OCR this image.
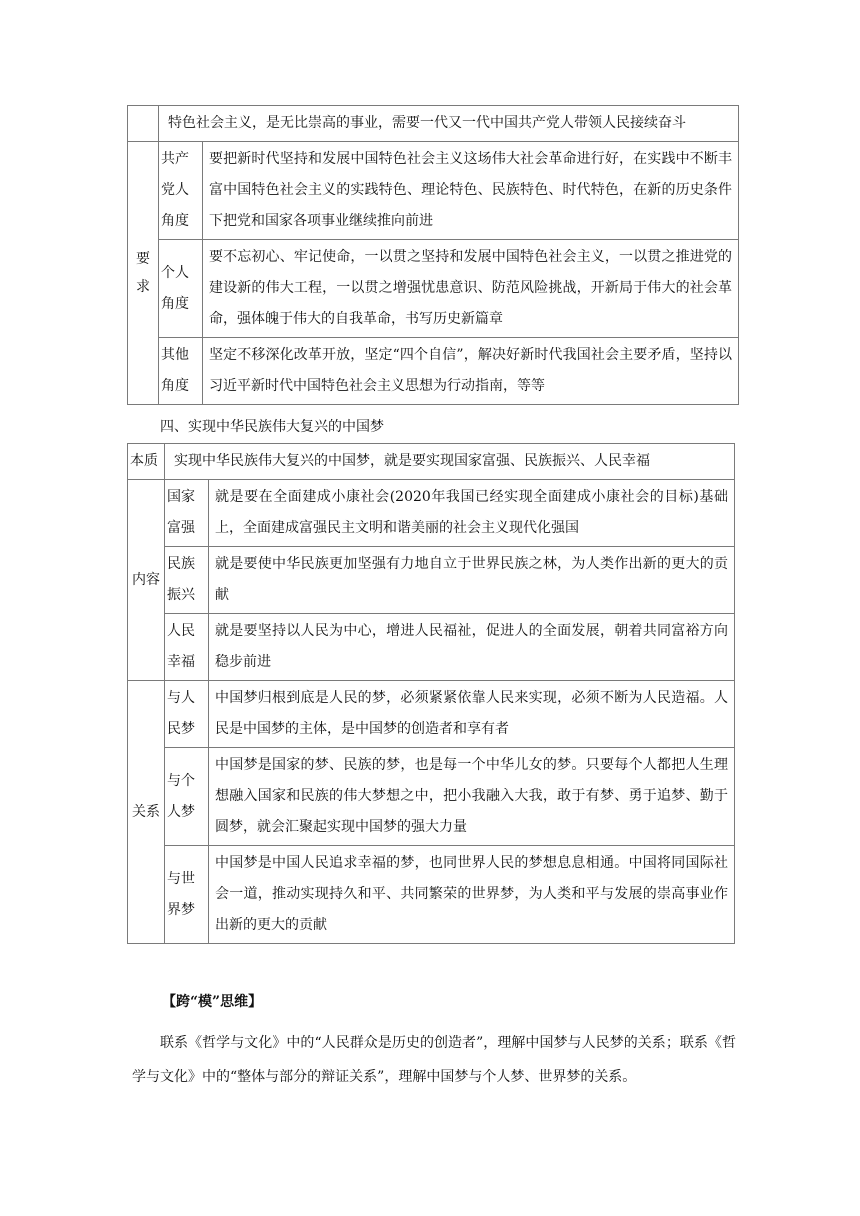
	特色社会主义，是无比崇高的事业，需要一代又一代中国共产党人带领人民接续奋斗	
要求	共产党人角度	要把新时代坚持和发展中国特色社会主义这场伟大社会革命进行好，在实践中不断丰富中国特色社会主义的实践特色、理论特色、民族特色、时代特色，在新的历史条件下把党和国家各项事业继续推向前进
	个人角度	要不忘初心、牢记使命，一以贯之坚持和发展中国特色社会主义，一以贯之推进党的建设新的伟大工程，一以贯之增强忧患意识、防范风险挑战，开新局于伟大的社会革命，强体魄于伟大的自我革命，书写历史新篇章
	其他角度	坚定不移深化改革开放，坚定“四个自信”，解决好新时代我国社会主要矛盾，坚持以习近平新时代中国特色社会主义思想为行动指南，等等
四、实现中华民族伟大复兴的中国梦
本质	实现中华民族伟大复兴的中国梦，就是要实现国家富强、民族振兴、人民幸福	
内容	国家富强	就是要在全面建成小康社会(2020年我国已经实现全面建成小康社会的目标)基础上，全面建成富强民主文明和谐美丽的社会主义现代化强国
	民族振兴	就是要使中华民族更加坚强有力地自立于世界民族之林，为人类作出新的更大的贡献
	人民幸福	就是要坚持以人民为中心，增进人民福祉，促进人的全面发展，朝着共同富裕方向稳步前进
关系	与人民梦	中国梦归根到底是人民的梦，必须紧紧依靠人民来实现，必须不断为人民造福。人民是中国梦的主体，是中国梦的创造者和享有者
	与个人梦	中国梦是国家的梦、民族的梦，也是每一个中华儿女的梦。只要每个人都把人生理想融入国家和民族的伟大梦想之中，把小我融入大我，敢于有梦、勇于追梦、勤于圆梦，就会汇聚起实现中国梦的强大力量
	与世界梦	中国梦是中国人民追求幸福的梦，也同世界人民的梦想息息相通。中国将同国际社会一道，推动实现持久和平、共同繁荣的世界梦，为人类和平与发展的崇高事业作出新的更大的贡献
【跨“模”思维】
联系《哲学与文化》中的“人民群众是历史的创造者”，理解中国梦与人民梦的关系；联系《哲学与文化》中的“整体与部分的辩证关系”，理解中国梦与个人梦、世界梦的关系。
